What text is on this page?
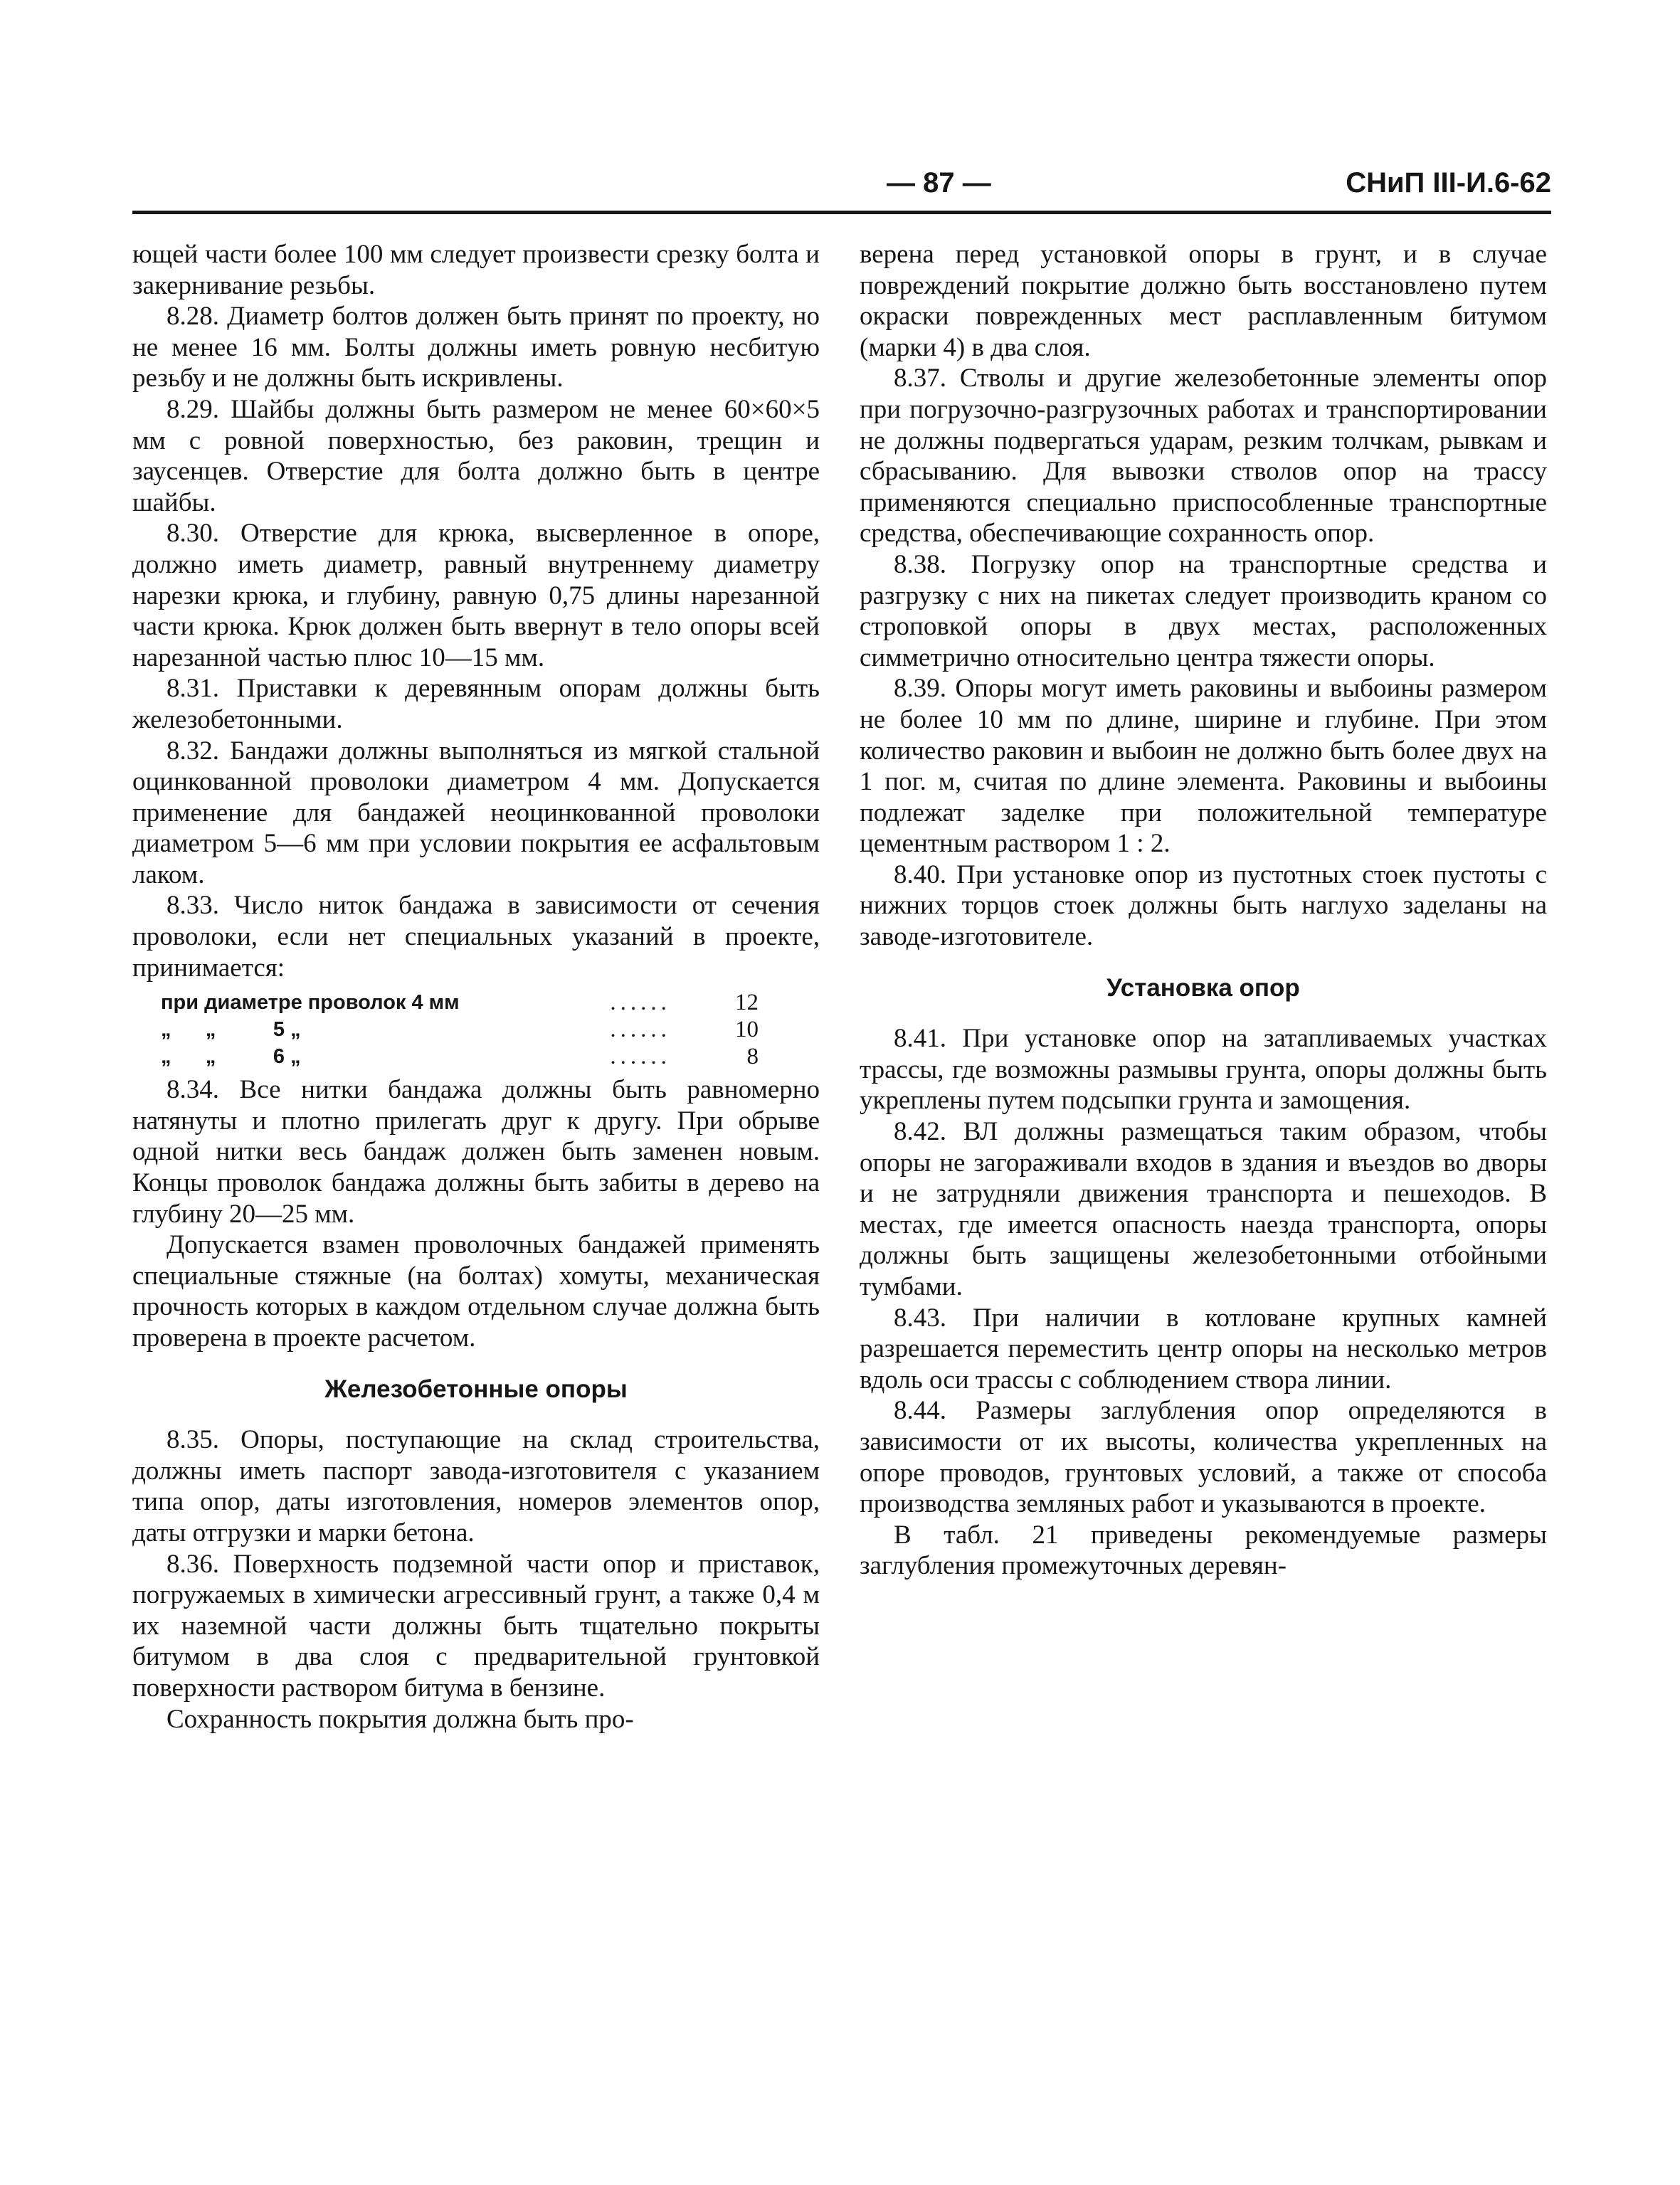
— 87 —	СНиП III-И.6-62

ющей части более 100 мм следует произвести срезку болта и закернивание резьбы.

8.28. Диаметр болтов должен быть принят по проекту, но не менее 16 мм. Болты должны иметь ровную несбитую резьбу и не должны быть искривлены.

8.29. Шайбы должны быть размером не менее 60×60×5 мм с ровной поверхностью, без раковин, трещин и заусенцев. Отверстие для болта должно быть в центре шайбы.

8.30. Отверстие для крюка, высверленное в опоре, должно иметь диаметр, равный внутреннему диаметру нарезки крюка, и глубину, равную 0,75 длины нарезанной части крюка. Крюк должен быть ввернут в тело опоры всей нарезанной частью плюс 10—15 мм.

8.31. Приставки к деревянным опорам должны быть железобетонными.

8.32. Бандажи должны выполняться из мягкой стальной оцинкованной проволоки диаметром 4 мм. Допускается применение для бандажей неоцинкованной проволоки диаметром 5—6 мм при условии покрытия ее асфальтовым лаком.

8.33. Число ниток бандажа в зависимости от сечения проволоки, если нет специальных указаний в проекте, принимается:

при диаметре проволок 4 мм	......	12
„      „          5 „	......	10
„      „          6 „	......	8

8.34. Все нитки бандажа должны быть равномерно натянуты и плотно прилегать друг к другу. При обрыве одной нитки весь бандаж должен быть заменен новым. Концы проволок бандажа должны быть забиты в дерево на глубину 20—25 мм.

Допускается взамен проволочных бандажей применять специальные стяжные (на болтах) хомуты, механическая прочность которых в каждом отдельном случае должна быть проверена в проекте расчетом.

Железобетонные опоры

8.35. Опоры, поступающие на склад строительства, должны иметь паспорт завода-изготовителя с указанием типа опор, даты изготовления, номеров элементов опор, даты отгрузки и марки бетона.

8.36. Поверхность подземной части опор и приставок, погружаемых в химически агрессивный грунт, а также 0,4 м их наземной части должны быть тщательно покрыты битумом в два слоя с предварительной грунтовкой поверхности раствором битума в бензине.

Сохранность покрытия должна быть про-

верена перед установкой опоры в грунт, и в случае повреждений покрытие должно быть восстановлено путем окраски поврежденных мест расплавленным битумом (марки 4) в два слоя.

8.37. Стволы и другие железобетонные элементы опор при погрузочно-разгрузочных работах и транспортировании не должны подвергаться ударам, резким толчкам, рывкам и сбрасыванию. Для вывозки стволов опор на трассу применяются специально приспособленные транспортные средства, обеспечивающие сохранность опор.

8.38. Погрузку опор на транспортные средства и разгрузку с них на пикетах следует производить краном со строповкой опоры в двух местах, расположенных симметрично относительно центра тяжести опоры.

8.39. Опоры могут иметь раковины и выбоины размером не более 10 мм по длине, ширине и глубине. При этом количество раковин и выбоин не должно быть более двух на 1 пог. м, считая по длине элемента. Раковины и выбоины подлежат заделке при положительной температуре цементным раствором 1 : 2.

8.40. При установке опор из пустотных стоек пустоты с нижних торцов стоек должны быть наглухо заделаны на заводе-изготовителе.

Установка опор

8.41. При установке опор на затапливаемых участках трассы, где возможны размывы грунта, опоры должны быть укреплены путем подсыпки грунта и замощения.

8.42. ВЛ должны размещаться таким образом, чтобы опоры не загораживали входов в здания и въездов во дворы и не затрудняли движения транспорта и пешеходов. В местах, где имеется опасность наезда транспорта, опоры должны быть защищены железобетонными отбойными тумбами.

8.43. При наличии в котловане крупных камней разрешается переместить центр опоры на несколько метров вдоль оси трассы с соблюдением створа линии.

8.44. Размеры заглубления опор определяются в зависимости от их высоты, количества укрепленных на опоре проводов, грунтовых условий, а также от способа производства земляных работ и указываются в проекте.

В табл. 21 приведены рекомендуемые размеры заглубления промежуточных деревян-
